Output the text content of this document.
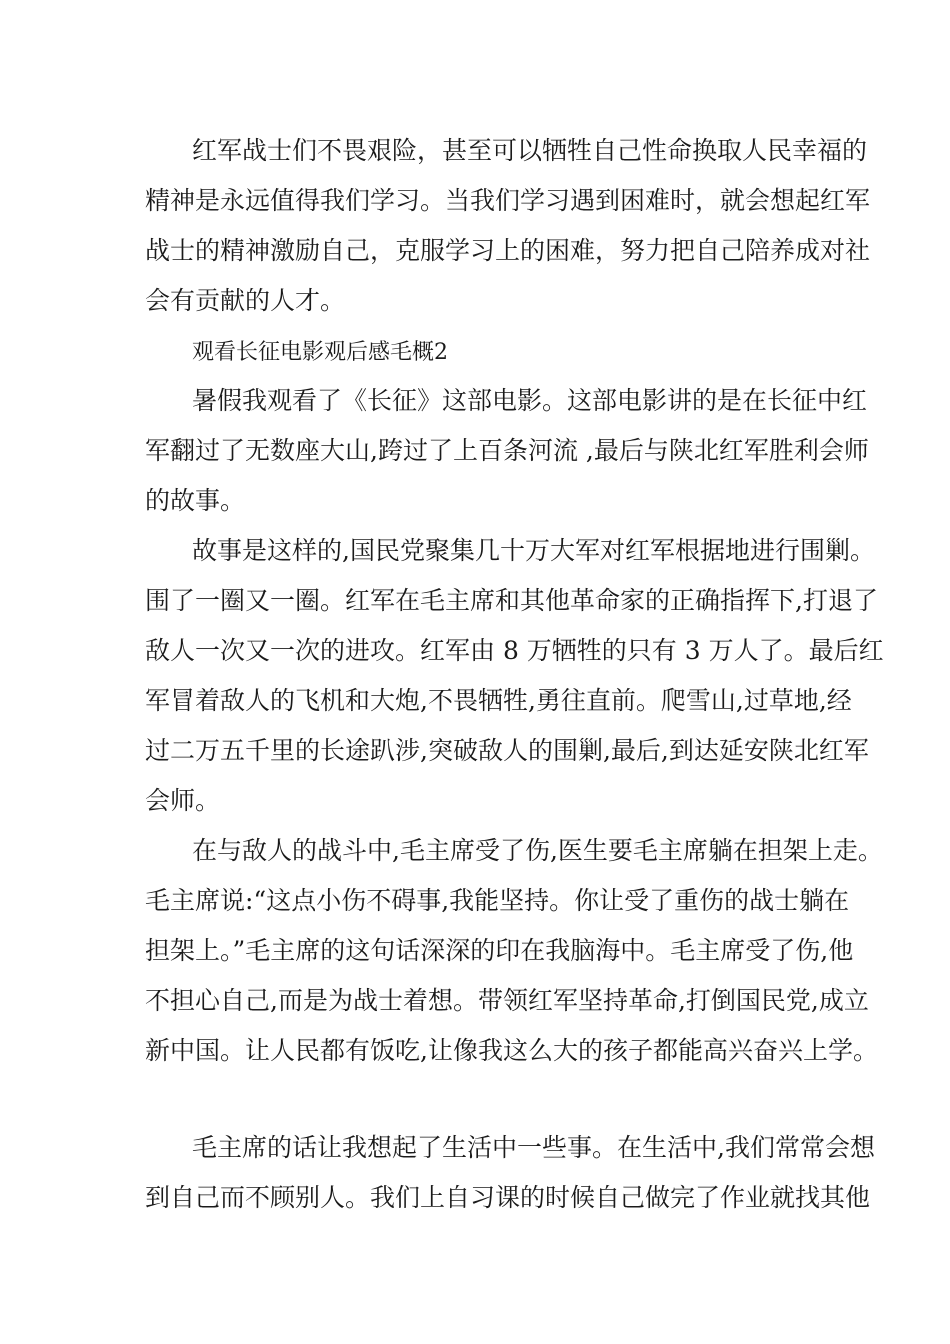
红军战士们不畏艰险，甚至可以牺牲自己性命换取人民幸福的
精神是永远值得我们学习。当我们学习遇到困难时，就会想起红军
战士的精神激励自己，克服学习上的困难，努力把自己陪养成对社
会有贡献的人才。
观看长征电影观后感毛概2
暑假我观看了《长征》这部电影。这部电影讲的是在长征中红
军翻过了无数座大山,跨过了上百条河流 ,最后与陕北红军胜利会师
的故事。
故事是这样的,国民党聚集几十万大军对红军根据地进行围剿。
围了一圈又一圈。红军在毛主席和其他革命家的正确指挥下,打退了
敌人一次又一次的进攻。红军由 8 万牺牲的只有 3 万人了。最后红
军冒着敌人的飞机和大炮,不畏牺牲,勇往直前。爬雪山,过草地,经
过二万五千里的长途趴涉,突破敌人的围剿,最后,到达延安陕北红军
会师。
在与敌人的战斗中,毛主席受了伤,医生要毛主席躺在担架上走。
毛主席说:“这点小伤不碍事,我能坚持。你让受了重伤的战士躺在
担架上。”毛主席的这句话深深的印在我脑海中。毛主席受了伤,他
不担心自己,而是为战士着想。带领红军坚持革命,打倒国民党,成立
新中国。让人民都有饭吃,让像我这么大的孩子都能高兴奋兴上学。
毛主席的话让我想起了生活中一些事。在生活中,我们常常会想
到自己而不顾别人。我们上自习课的时候自己做完了作业就找其他
